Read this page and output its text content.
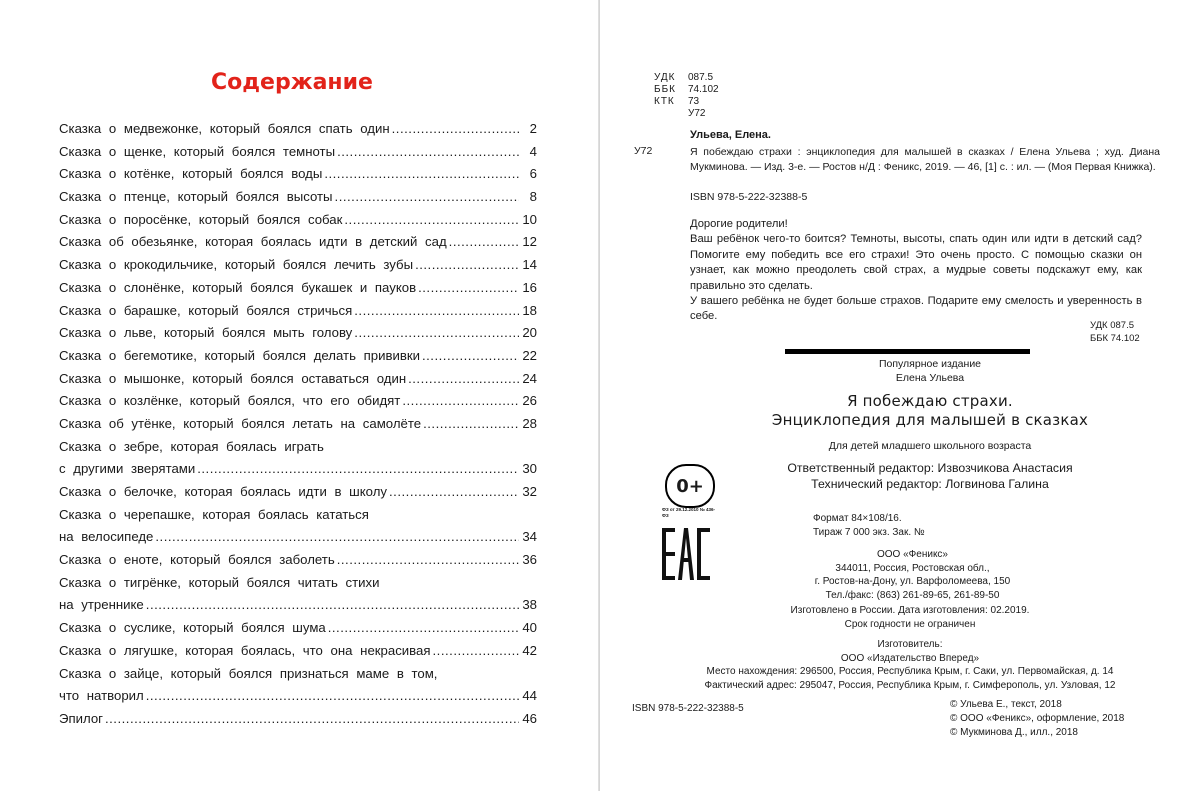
Содержание
Сказка о медвежонке, который боялся спать один .....	2
Сказка о щенке, который боялся темноты .....	4
Сказка о котёнке, который боялся воды .....	6
Сказка о птенце, который боялся высоты .....	8
Сказка о поросёнке, который боялся собак .....	10
Сказка об обезьянке, которая боялась идти в детский сад .....	12
Сказка о крокодильчике, который боялся лечить зубы .....	14
Сказка о слонёнке, который боялся букашек и пауков .....	16
Сказка о барашке, который боялся стричься .....	18
Сказка о льве, который боялся мыть голову .....	20
Сказка о бегемотике, который боялся делать прививки .....	22
Сказка о мышонке, который боялся оставаться один .....	24
Сказка о козлёнке, который боялся, что его обидят .....	26
Сказка об утёнке, который боялся летать на самолёте .....	28
Сказка о зебре, которая боялась играть
с другими зверятами .....	30
Сказка о белочке, которая боялась идти в школу .....	32
Сказка о черепашке, которая боялась кататься
на велосипеде .....	34
Сказка о еноте, который боялся заболеть .....	36
Сказка о тигрёнке, который боялся читать стихи
на утреннике .....	38
Сказка о суслике, который боялся шума .....	40
Сказка о лягушке, которая боялась, что она некрасивая .....	42
Сказка о зайце, который боялся признаться маме в том,
что натворил .....	44
Эпилог .....	46
УДК	087.5
ББК	74.102
КТК	73
У72
Ульева, Елена.
У72	Я побеждаю страхи : энциклопедия для малышей в сказках / Елена Ульева ; худ. Диана Мукминова. — Изд. 3-е. — Ростов н/Д : Феникс, 2019. — 46, [1] с. : ил. — (Моя Первая Книжка).
ISBN 978-5-222-32388-5

Дорогие родители!

Ваш ребёнок чего-то боится? Темноты, высоты, спать один или идти в детский сад? Помогите ему победить все его страхи! Это очень просто. С помощью сказки он узнает, как можно преодолеть свой страх, а мудрые советы подскажут ему, как правильно это сделать.

У вашего ребёнка не будет больше страхов. Подарите ему смелость и уверенность в себе.

УДК 087.5
ББК 74.102
Популярное издание
Елена Ульева
Я побеждаю страхи.
Энциклопедия для малышей в сказках
Для детей младшего школьного возраста
Ответственный редактор: Извозчикова Анастасия
Технический редактор: Логвинова Галина
Формат 84×108/16.
Тираж 7 000 экз. Зак. №
ООО «Феникс»
344011, Россия, Ростовская обл.,
г. Ростов-на-Дону, ул. Варфоломеева, 150
Тел./факс: (863) 261-89-65, 261-89-50
Изготовлено в России. Дата изготовления: 02.2019.
Срок годности не ограничен
Изготовитель:
ООО «Издательство Вперед»
Место нахождения: 296500, Россия, Республика Крым, г. Саки, ул. Первомайская, д. 14
Фактический адрес: 295047, Россия, Республика Крым, г. Симферополь, ул. Узловая, 12
ISBN 978-5-222-32388-5	© Ульева Е., текст, 2018
© ООО «Феникс», оформление, 2018
© Мукминова Д., илл., 2018
0+
ФЗ от 29.12.2010 № 436-ФЗ
